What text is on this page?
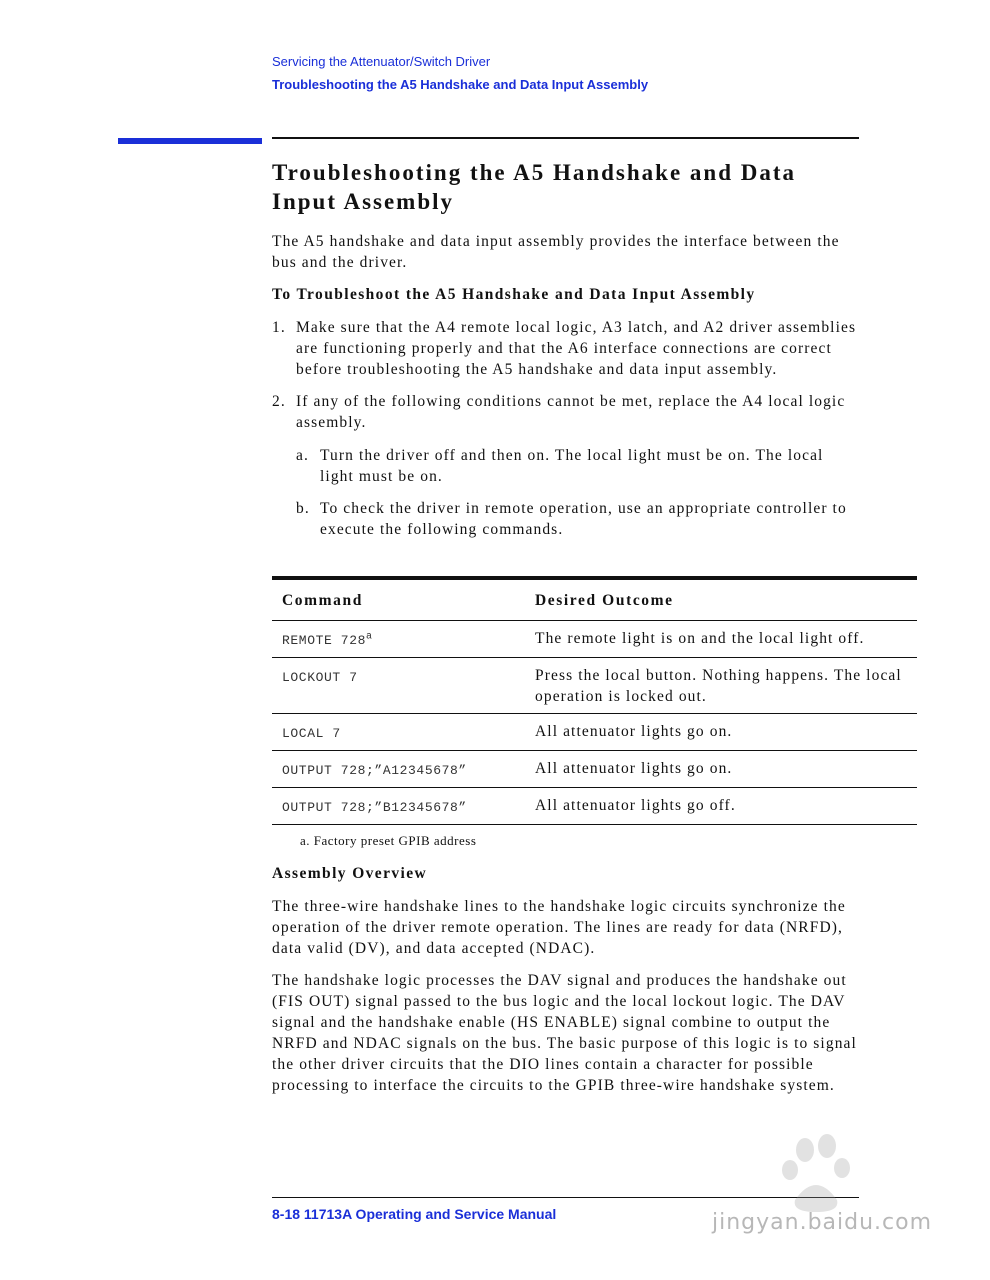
Servicing the Attenuator/Switch Driver
Troubleshooting the A5 Handshake and Data Input Assembly
Troubleshooting the A5 Handshake and Data Input Assembly

The A5 handshake and data input assembly provides the interface between the bus and the driver.

To Troubleshoot the A5 Handshake and Data Input Assembly
1. Make sure that the A4 remote local logic, A3 latch, and A2 driver assemblies are functioning properly and that the A6 interface connections are correct before troubleshooting the A5 handshake and data input assembly.
2. If any of the following conditions cannot be met, replace the A4 local logic assembly.
a. Turn the driver off and then on. The local light must be on. The local light must be on.
b. To check the driver in remote operation, use an appropriate controller to execute the following commands.
Command	Desired Outcome
REMOTE 728$^a$	The remote light is on and the local light off.
LOCKOUT 7	Press the local button. Nothing happens. The local operation is locked out.
LOCAL 7	All attenuator lights go on.
OUTPUT 728;”A12345678”	All attenuator lights go on.
OUTPUT 728;”B12345678”	All attenuator lights go off.
a. Factory preset GPIB address
Assembly Overview

The three-wire handshake lines to the handshake logic circuits synchronize the operation of the driver remote operation. The lines are ready for data (NRFD), data valid (DV), and data accepted (NDAC).

The handshake logic processes the DAV signal and produces the handshake out (FIS OUT) signal passed to the bus logic and the local lockout logic. The DAV signal and the handshake enable (HS ENABLE) signal combine to output the NRFD and NDAC signals on the bus. The basic purpose of this logic is to signal the other driver circuits that the DIO lines contain a character for possible processing to interface the circuits to the GPIB three-wire handshake system.

8-18 11713A Operating and Service Manual	jingyan.baidu.com
